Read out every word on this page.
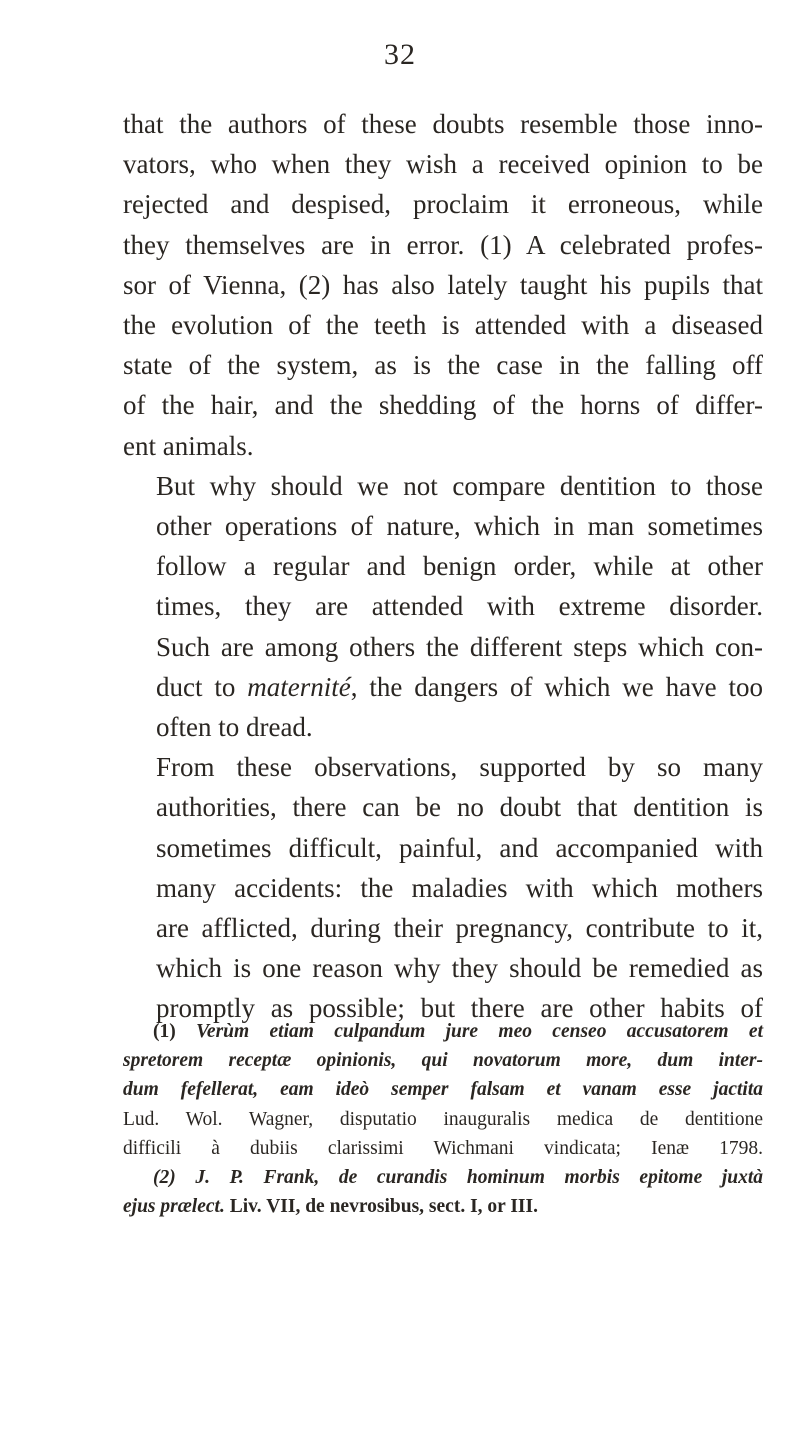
32

that the authors of these doubts resemble those inno-
vators, who when they wish a received opinion to be
rejected and despised, proclaim it erroneous, while
they themselves are in error. (1) A celebrated profes-
sor of Vienna, (2) has also lately taught his pupils that
the evolution of the teeth is attended with a diseased
state of the system, as is the case in the falling off
of the hair, and the shedding of the horns of differ-
ent animals.

But why should we not compare dentition to those
other operations of nature, which in man sometimes
follow a regular and benign order, while at other
times, they are attended with extreme disorder.
Such are among others the different steps which con-
duct to maternité, the dangers of which we have too
often to dread.

From these observations, supported by so many
authorities, there can be no doubt that dentition is
sometimes difficult, painful, and accompanied with
many accidents: the maladies with which mothers
are afflicted, during their pregnancy, contribute to it,
which is one reason why they should be remedied as
promptly as possible; but there are other habits of

(1) Verùm etiam culpandum jure meo censeo accusatorem et
spretorem receptæ opinionis, qui novatorum more, dum inter-
dum fefellerat, eam ideò semper falsam et vanam esse jactita
Lud. Wol. Wagner, disputatio inauguralis medica de dentitione
difficili à dubiis clarissimi Wichmani vindicata; Ienæ 1798.
(2) J. P. Frank, de curandis hominum morbis epitome juxtà
ejus prælect. Liv. VII, de nevrosibus, sect. I, or III.
